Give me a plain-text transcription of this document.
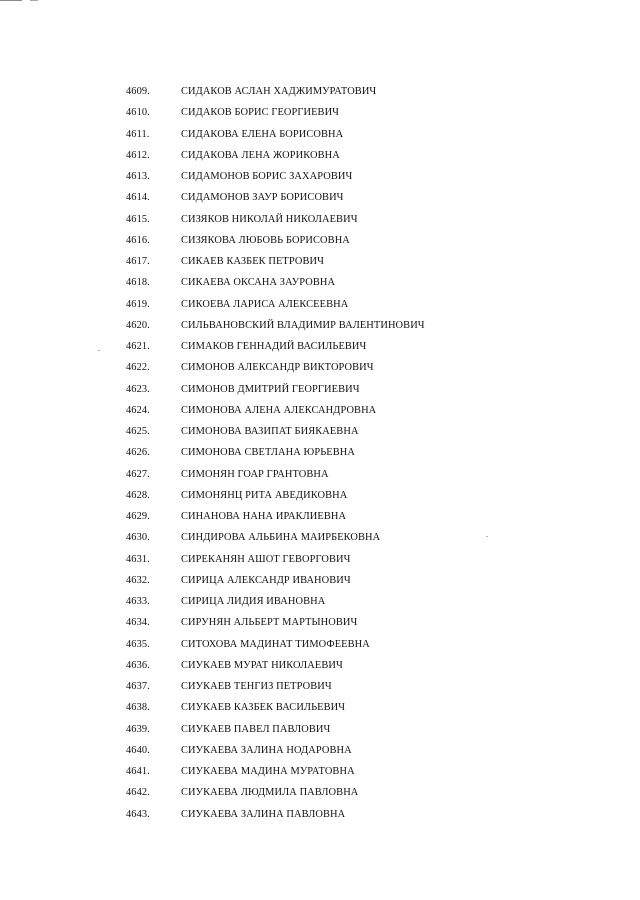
4609.	СИДАКОВ АСЛАН ХАДЖИМУРАТОВИЧ
4610.	СИДАКОВ БОРИС ГЕОРГИЕВИЧ
4611.	СИДАКОВА ЕЛЕНА БОРИСОВНА
4612.	СИДАКОВА ЛЕНА ЖОРИКОВНА
4613.	СИДАМОНОВ БОРИС ЗАХАРОВИЧ
4614.	СИДАМОНОВ ЗАУР БОРИСОВИЧ
4615.	СИЗЯКОВ НИКОЛАЙ НИКОЛАЕВИЧ
4616.	СИЗЯКОВА ЛЮБОВЬ БОРИСОВНА
4617.	СИКАЕВ КАЗБЕК ПЕТРОВИЧ
4618.	СИКАЕВА ОКСАНА ЗАУРОВНА
4619.	СИКОЕВА ЛАРИСА АЛЕКСЕЕВНА
4620.	СИЛЬВАНОВСКИЙ ВЛАДИМИР ВАЛЕНТИНОВИЧ
4621.	СИМАКОВ ГЕННАДИЙ ВАСИЛЬЕВИЧ
4622.	СИМОНОВ АЛЕКСАНДР ВИКТОРОВИЧ
4623.	СИМОНОВ ДМИТРИЙ ГЕОРГИЕВИЧ
4624.	СИМОНОВА АЛЕНА АЛЕКСАНДРОВНА
4625.	СИМОНОВА ВАЗИПАТ БИЯКАЕВНА
4626.	СИМОНОВА СВЕТЛАНА ЮРЬЕВНА
4627.	СИМОНЯН ГОАР ГРАНТОВНА
4628.	СИМОНЯНЦ РИТА АВЕДИКОВНА
4629.	СИНАНОВА НАНА ИРАКЛИЕВНА
4630.	СИНДИРОВА АЛЬБИНА МАИРБЕКОВНА
4631.	СИРЕКАНЯН АШОТ ГЕВОРГОВИЧ
4632.	СИРИЦА АЛЕКСАНДР ИВАНОВИЧ
4633.	СИРИЦА ЛИДИЯ ИВАНОВНА
4634.	СИРУНЯН АЛЬБЕРТ МАРТЫНОВИЧ
4635.	СИТОХОВА МАДИНАТ ТИМОФЕЕВНА
4636.	СИУКАЕВ МУРАТ НИКОЛАЕВИЧ
4637.	СИУКАЕВ ТЕНГИЗ ПЕТРОВИЧ
4638.	СИУКАЕВ КАЗБЕК ВАСИЛЬЕВИЧ
4639.	СИУКАЕВ ПАВЕЛ ПАВЛОВИЧ
4640.	СИУКАЕВА ЗАЛИНА НОДАРОВНА
4641.	СИУКАЕВА МАДИНА МУРАТОВНА
4642.	СИУКАЕВА ЛЮДМИЛА ПАВЛОВНА
4643.	СИУКАЕВА ЗАЛИНА ПАВЛОВНА
